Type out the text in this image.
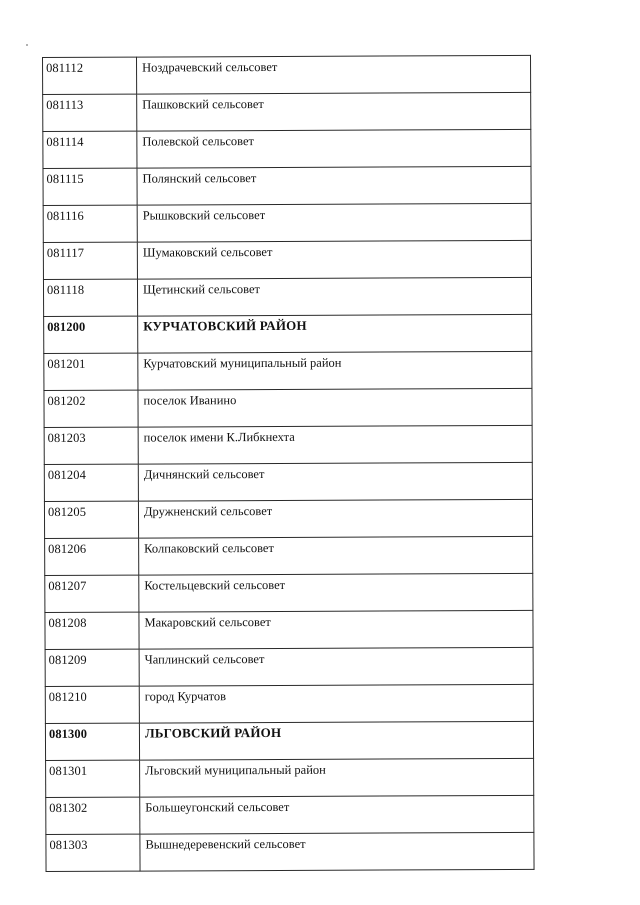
081112	Ноздрачевский сельсовет
081113	Пашковский сельсовет
081114	Полевской сельсовет
081115	Полянский сельсовет
081116	Рышковский сельсовет
081117	Шумаковский сельсовет
081118	Щетинский сельсовет
081200	КУРЧАТОВСКИЙ РАЙОН
081201	Курчатовский муниципальный район
081202	поселок Иванино
081203	поселок имени К.Либкнехта
081204	Дичнянский сельсовет
081205	Дружненский сельсовет
081206	Колпаковский сельсовет
081207	Костельцевский сельсовет
081208	Макаровский сельсовет
081209	Чаплинский сельсовет
081210	город Курчатов
081300	ЛЬГОВСКИЙ РАЙОН
081301	Льговский муниципальный район
081302	Большеугонский сельсовет
081303	Вышнедеревенский сельсовет
